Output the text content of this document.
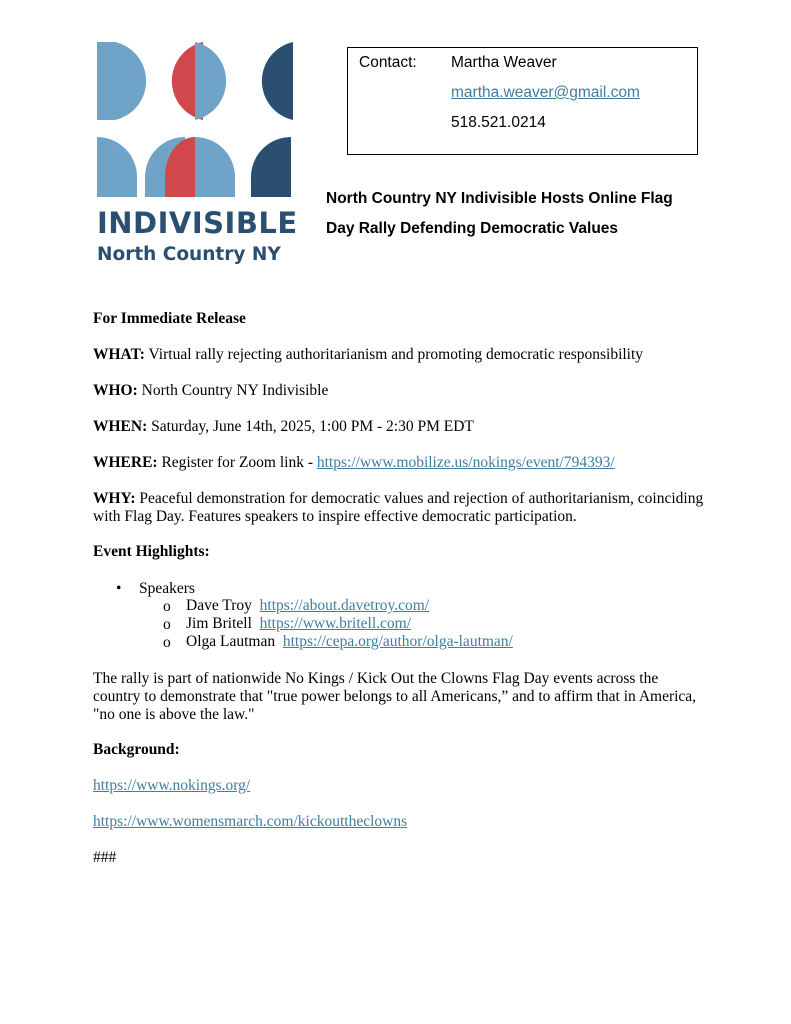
INDIVISIBLE
North Country NY
Contact: Martha Weaver
martha.weaver@gmail.com
518.521.0214
North Country NY Indivisible Hosts Online Flag
Day Rally Defending Democratic Values
For Immediate Release
WHAT: Virtual rally rejecting authoritarianism and promoting democratic responsibility
WHO: North Country NY Indivisible
WHEN: Saturday, June 14th, 2025, 1:00 PM - 2:30 PM EDT
WHERE: Register for Zoom link - https://www.mobilize.us/nokings/event/794393/
WHY: Peaceful demonstration for democratic values and rejection of authoritarianism, coinciding with Flag Day. Features speakers to inspire effective democratic participation.
Event Highlights:
• Speakers
o Dave Troy https://about.davetroy.com/
o Jim Britell https://www.britell.com/
o Olga Lautman https://cepa.org/author/olga-lautman/
The rally is part of nationwide No Kings / Kick Out the Clowns Flag Day events across the country to demonstrate that "true power belongs to all Americans,” and to affirm that in America, "no one is above the law."
Background:
https://www.nokings.org/
https://www.womensmarch.com/kickouttheclowns
###
